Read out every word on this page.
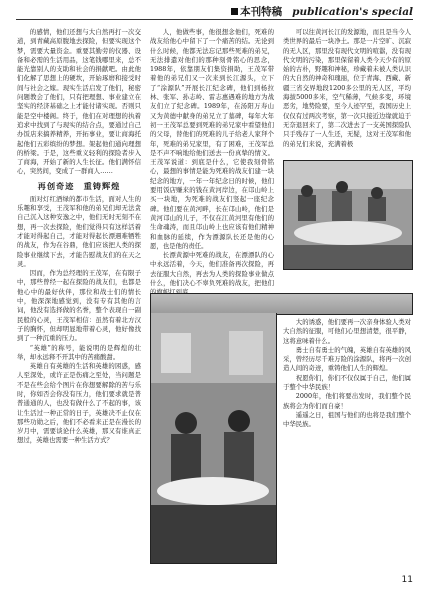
本刊特稿 publication's special

的感情，他们还想与大自然再打一次交道，到青藏高原腹地去探险，但要实现这个梦，需要大量资金。重要其勤劳的仪器、设备和必需的生活用品，这笔钱哪里来，总不能光靠别人的支助和社会的捐献吧。由此他们化解了思想上的硬坎，开始琢磨和接受时间与社会之嫁。现实生活启发了他们，秘密问题教会了他们，只有把理想、事业建立在坚实的经济基础之上才能付诸实现。否则只能是空中楼阁。终于，他们在对理想的执着追求中找到了与现实的结合点，要通过自己办饭店来搞养精养，开拓事业，要让商海托起他们五彩缤纷的梦想。架起他们通向理想的桥梁。于是，这些重义轻利的探险者步入了商海，开始了新的人生长征。他们满怀信心，突然间，变成了一群商人……

再创奇迹　重铸辉煌

面对灯红酒绿的都市生活，面对人生的乐趣和享受，王茂军和他的弟兄们却无法贪自己沉入这种安逸之中，他们无时无刻不在想，再一次去探险，他们觉得只有这样活着才能对得起自己，才能对得起长漂遇难牺牲的战友，作为在谷鼎，他们应该把人类的探险事业继续下去，才能告慰战友们的在天之灵。

因而，作为总经理的王茂军，在有限子中，那些曾经一起在探险的战友们，也都是他心中的最好伙伴，那位和战士们的情长中，他深深地感觉到，没有专有其他的言词，他没有选择做的名誉，整个表现自一副民般的心灵，王茂军相信：虽然有着北方汉子的胸怀，但却明显地带着心灵，他好像找到了一种沉重的压力。

“英雄”的称号，能说明的是辉煌的壮举，却永远释不开其中的苦痛酸甜。

英雄自有英雄的生活和英雄的困惑，感人至深处，或许正是伤痛之至处，当问题是不是在些会给个图片在你想要解除的苦与乐时，你如否会你没有压力，他们要求就是普普通通的人，也没有做什么了不起的事，该让生活过一种正常的日子，英雄决不止仅在那些功勋之后，他们不必看来正是在漫长的岁月中，需要谈论什么英雄，那又有谁真正想过，英雄也需要一种生活方式？

人，他做些事，他很想念他们，死难的战友给他心中留下了一个痛苦的结。无论到什么时候，他都无法忘记那些死难的弟兄，无法排遣对他们的那种刻骨铭心的思念，1988年，依靠朋友们集资捐助，王茂军带着他的弟兄们又一次来到长江源头，立下了“涂源队”开展长江纪念碑，他们到杨拉林、张军、孙志岭、雷志惠遇难的地方为战友们立了纪念碑。1989年，在汤阳万寿山又为黄德中献身的弟兄立了墓碑，每年大年初一王茂军总要到死难的弟兄家中看望他们的父母，替他们的死难的儿子给老人家拜个年，死难的弟兄家里，有了困难，王茂军总是不声不响地给他们送去一份真挚的情义。王茂军说道：到底是什么，它使我刻骨铭心，最想的事情是能为死难的战友们建一块纪念的地方，一年一年纪念日的时候，他们要用饭店赚来的钱在黄河岸边，在邙山岭上买一块地，为死难的战友们竖起一座纪念碑。他们要在黄河畔，长在邙山岭，他们是黄河邙山的儿子，不仅在江黄河里有他们的生命魂涛，而且邙山岭上也应该有他们精神和血脉的延续，作为漂源队长还是他的心愿，也是他的责任。

长漂黄源中死难的战友，在漂漂队的心中永远活着，今天，他们准备再次探险，再去征服大自然，再去为人类的探险事业做点什么，他们决心不辜负死难的战友，把他们

可以往黄河长江的发源地，而且是当今人类世界的最后一块净土。那是一片空旷、沉寂的无人区，那里没有现代文明的喧嚣，没有现代文明的污染，那里保留着人类今天少有的原始的古朴，野趣和神秘，珍藏着未被人类认识的大自然的神奇和瑰丽，位于青海、西藏、新疆三省交界地段1200多公里的无人区，平均海拔5000多米，空气稀薄，气候多变，环境恶劣，地势险要，至今人迹罕至，我国历史上仅仅有过两次考察，第一次只接近边缘就迫于无奈退回来了，第二次进去了一支英国探险队只手残存了一人生还，无疑，这对王茂军和他的弟兄们来说，充满着极

大的诱惑，他们要再一次亲身体验人类对大自然的征服，可他们心里想清楚，很平静，这将意味着什么。

勇士自有勇士的气魄，英雄自有英雄的风采，曾经历尽千难万险的涂源队，将再一次创造人间的奇迹，重铸他们人生的辉煌。

祝愿你们，你们不仅仅属于自己，他们属于整个中华民族！

2000年，他们将要出发时，我们整个民族将会为你们而自豪！

遥遥之日，祖国与他们的也将是我们整个中华民族。

11
